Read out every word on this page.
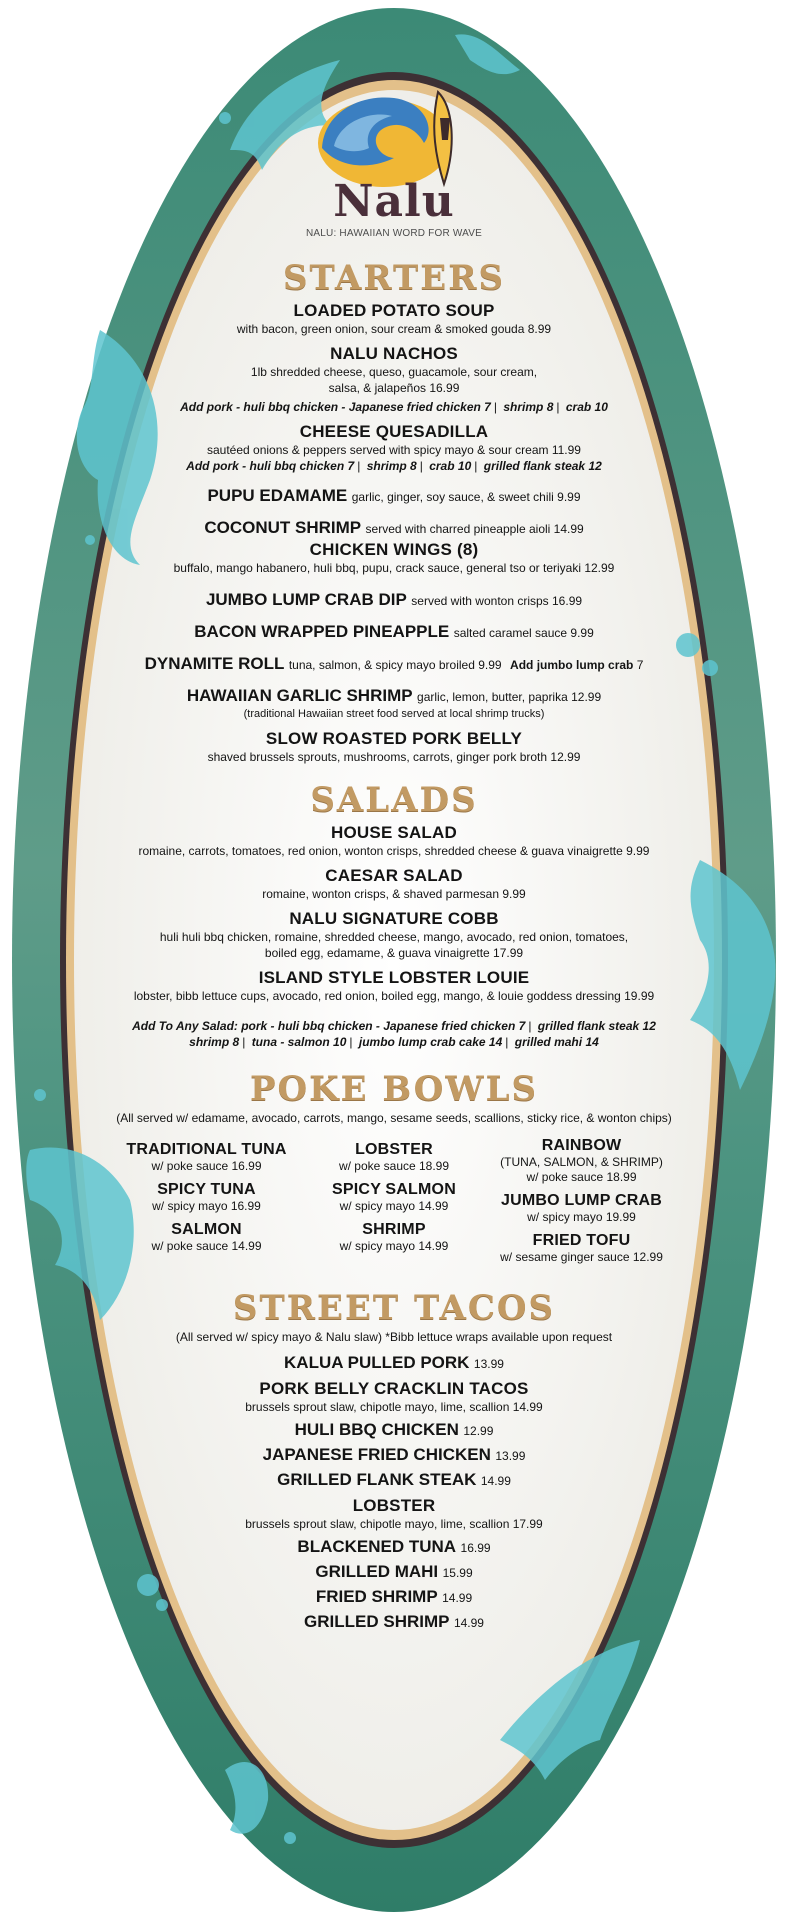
Nalu
NALU: HAWAIIAN WORD FOR WAVE
STARTERS
LOADED POTATO SOUP
with bacon, green onion, sour cream & smoked gouda 8.99
NALU NACHOS
1lb shredded cheese, queso, guacamole, sour cream,
salsa, & jalapeños 16.99
Add pork - huli bbq chicken - Japanese fried chicken 7 | shrimp 8 | crab 10
CHEESE QUESADILLA
sautéed onions & peppers served with spicy mayo & sour cream 11.99
Add pork - huli bbq chicken 7 | shrimp 8 | crab 10 | grilled flank steak 12
PUPU EDAMAME garlic, ginger, soy sauce, & sweet chili 9.99
COCONUT SHRIMP served with charred pineapple aioli 14.99
CHICKEN WINGS (8)
buffalo, mango habanero, huli bbq, pupu, crack sauce, general tso or teriyaki 12.99
JUMBO LUMP CRAB DIP served with wonton crisps 16.99
BACON WRAPPED PINEAPPLE salted caramel sauce 9.99
DYNAMITE ROLL tuna, salmon, & spicy mayo broiled 9.99 Add jumbo lump crab 7
HAWAIIAN GARLIC SHRIMP garlic, lemon, butter, paprika 12.99
(traditional Hawaiian street food served at local shrimp trucks)
SLOW ROASTED PORK BELLY
shaved brussels sprouts, mushrooms, carrots, ginger pork broth 12.99
SALADS
HOUSE SALAD
romaine, carrots, tomatoes, red onion, wonton crisps, shredded cheese & guava vinaigrette 9.99
CAESAR SALAD
romaine, wonton crisps, & shaved parmesan 9.99
NALU SIGNATURE COBB
huli huli bbq chicken, romaine, shredded cheese, mango, avocado, red onion, tomatoes,
boiled egg, edamame, & guava vinaigrette 17.99
ISLAND STYLE LOBSTER LOUIE
lobster, bibb lettuce cups, avocado, red onion, boiled egg, mango, & louie goddess dressing 19.99
Add To Any Salad: pork - huli bbq chicken - Japanese fried chicken 7 | grilled flank steak 12
shrimp 8 | tuna - salmon 10 | jumbo lump crab cake 14 | grilled mahi 14
POKE BOWLS
(All served w/ edamame, avocado, carrots, mango, sesame seeds, scallions, sticky rice, & wonton chips)
TRADITIONAL TUNA
w/ poke sauce 16.99
SPICY TUNA
w/ spicy mayo 16.99
SALMON
w/ poke sauce 14.99
LOBSTER
w/ poke sauce 18.99
SPICY SALMON
w/ spicy mayo 14.99
SHRIMP
w/ spicy mayo 14.99
RAINBOW
(TUNA, SALMON, & SHRIMP)
w/ poke sauce 18.99
JUMBO LUMP CRAB
w/ spicy mayo 19.99
FRIED TOFU
w/ sesame ginger sauce 12.99
STREET TACOS
(All served w/ spicy mayo & Nalu slaw) *Bibb lettuce wraps available upon request
KALUA PULLED PORK 13.99
PORK BELLY CRACKLIN TACOS
brussels sprout slaw, chipotle mayo, lime, scallion 14.99
HULI BBQ CHICKEN 12.99
JAPANESE FRIED CHICKEN 13.99
GRILLED FLANK STEAK 14.99
LOBSTER
brussels sprout slaw, chipotle mayo, lime, scallion 17.99
BLACKENED TUNA 16.99
GRILLED MAHI 15.99
FRIED SHRIMP 14.99
GRILLED SHRIMP 14.99
